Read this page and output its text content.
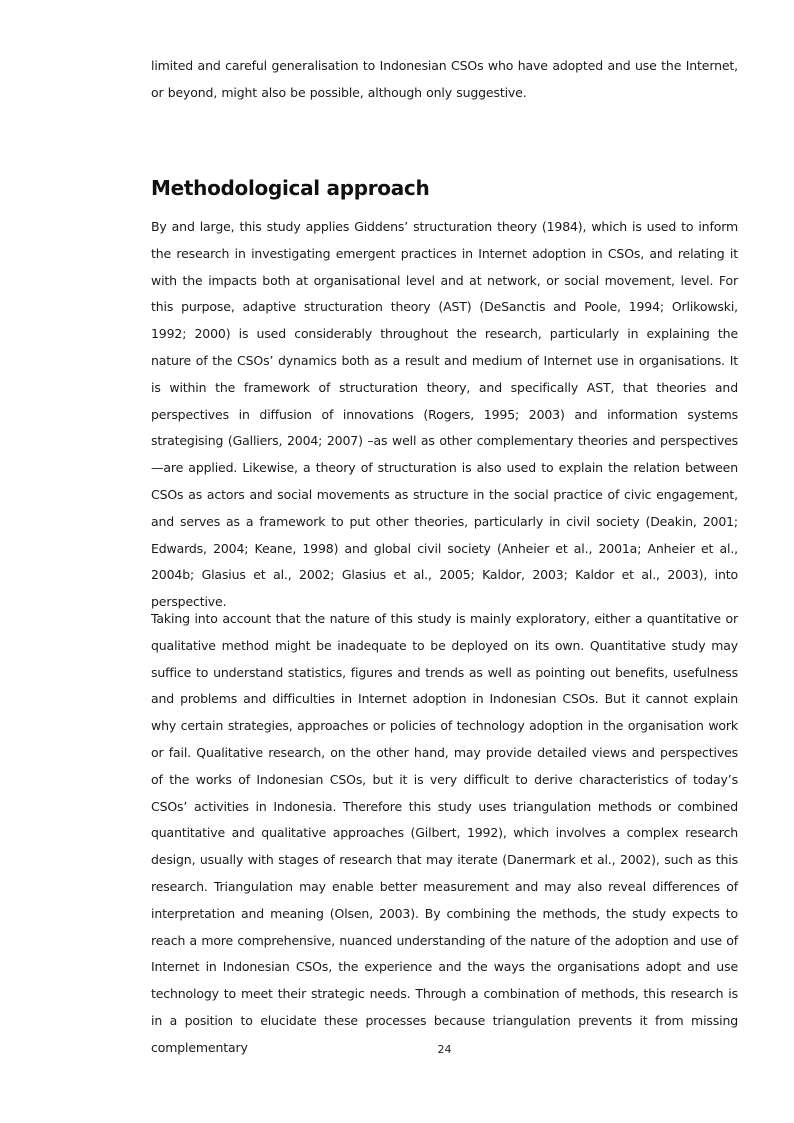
limited and careful generalisation to Indonesian CSOs who have adopted and use the Internet, or beyond, might also be possible, although only suggestive.

Methodological approach

By and large, this study applies Giddens’ structuration theory (1984), which is used to inform the research in investigating emergent practices in Internet adoption in CSOs, and relating it with the impacts both at organisational level and at network, or social movement, level. For this purpose, adaptive structuration theory (AST) (DeSanctis and Poole, 1994; Orlikowski, 1992; 2000) is used considerably throughout the research, particularly in explaining the nature of the CSOs’ dynamics both as a result and medium of Internet use in organisations. It is within the framework of structuration theory, and specifically AST, that theories and perspectives in diffusion of innovations (Rogers, 1995; 2003) and information systems strategising (Galliers, 2004; 2007) –as well as other complementary theories and perspectives—are applied. Likewise, a theory of structuration is also used to explain the relation between CSOs as actors and social movements as structure in the social practice of civic engagement, and serves as a framework to put other theories, particularly in civil society (Deakin, 2001; Edwards, 2004; Keane, 1998) and global civil society (Anheier et al., 2001a; Anheier et al., 2004b; Glasius et al., 2002; Glasius et al., 2005; Kaldor, 2003; Kaldor et al., 2003), into perspective.

Taking into account that the nature of this study is mainly exploratory, either a quantitative or qualitative method might be inadequate to be deployed on its own. Quantitative study may suffice to understand statistics, figures and trends as well as pointing out benefits, usefulness and problems and difficulties in Internet adoption in Indonesian CSOs. But it cannot explain why certain strategies, approaches or policies of technology adoption in the organisation work or fail. Qualitative research, on the other hand, may provide detailed views and perspectives of the works of Indonesian CSOs, but it is very difficult to derive characteristics of today’s CSOs’ activities in Indonesia. Therefore this study uses triangulation methods or combined quantitative and qualitative approaches (Gilbert, 1992), which involves a complex research design, usually with stages of research that may iterate (Danermark et al., 2002), such as this research. Triangulation may enable better measurement and may also reveal differences of interpretation and meaning (Olsen, 2003). By combining the methods, the study expects to reach a more comprehensive, nuanced understanding of the nature of the adoption and use of Internet in Indonesian CSOs, the experience and the ways the organisations adopt and use technology to meet their strategic needs. Through a combination of methods, this research is in a position to elucidate these processes because triangulation prevents it from missing complementary	24
